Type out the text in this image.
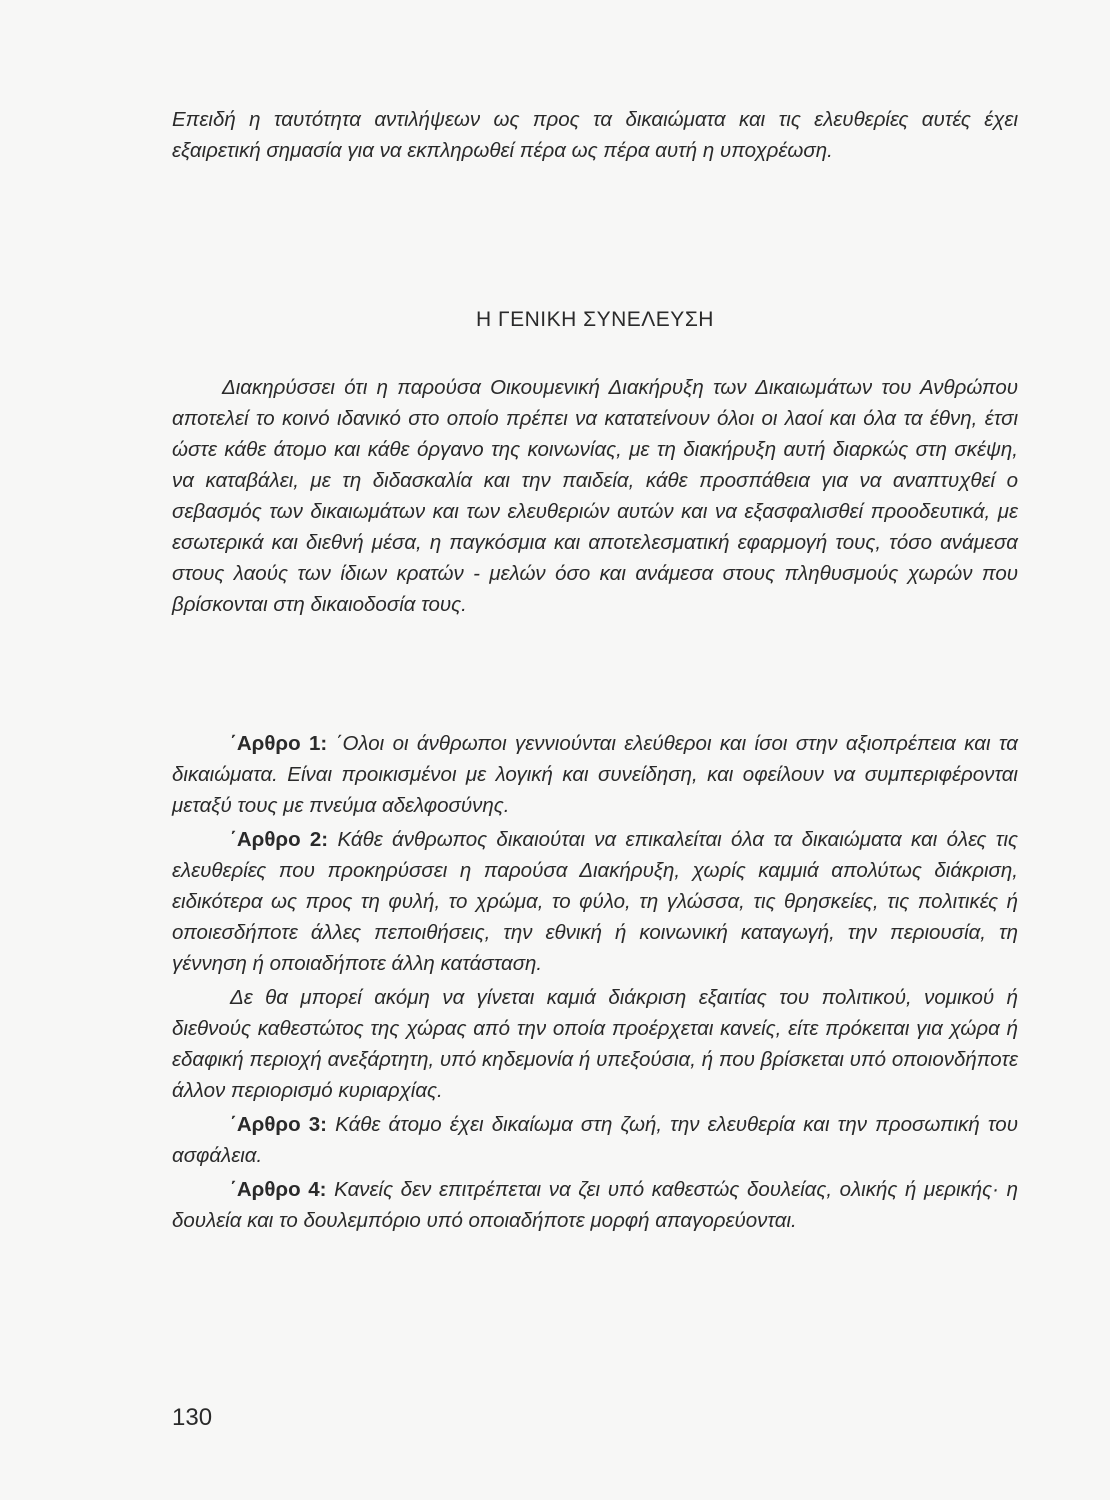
Επειδή η ταυτότητα αντιλήψεων ως προς τα δικαιώματα και τις ελευθερίες αυτές έχει εξαιρετική σημασία για να εκπληρωθεί πέρα ως πέρα αυτή η υποχρέωση.

Η ΓΕΝΙΚΗ ΣΥΝΕΛΕΥΣΗ

Διακηρύσσει ότι η παρούσα Οικουμενική Διακήρυξη των Δικαιωμάτων του Ανθρώπου αποτελεί το κοινό ιδανικό στο οποίο πρέπει να κατατείνουν όλοι οι λαοί και όλα τα έθνη, έτσι ώστε κάθε άτομο και κάθε όργανο της κοινωνίας, με τη διακήρυξη αυτή διαρκώς στη σκέψη, να καταβάλει, με τη διδασκαλία και την παιδεία, κάθε προσπάθεια για να αναπτυχθεί ο σεβασμός των δικαιωμάτων και των ελευθεριών αυτών και να εξασφαλισθεί προοδευτικά, με εσωτερικά και διεθνή μέσα, η παγκόσμια και αποτελεσματική εφαρμογή τους, τόσο ανάμεσα στους λαούς των ίδιων κρατών - μελών όσο και ανάμεσα στους πληθυσμούς χωρών που βρίσκονται στη δικαιοδοσία τους.

΄Αρθρο 1: ΄Ολοι οι άνθρωποι γεννιούνται ελεύθεροι και ίσοι στην αξιοπρέπεια και τα δικαιώματα. Είναι προικισμένοι με λογική και συνείδηση, και οφείλουν να συμπεριφέρονται μεταξύ τους με πνεύμα αδελφοσύνης.

΄Αρθρο 2: Κάθε άνθρωπος δικαιούται να επικαλείται όλα τα δικαιώματα και όλες τις ελευθερίες που προκηρύσσει η παρούσα Διακήρυξη, χωρίς καμμιά απολύτως διάκριση, ειδικότερα ως προς τη φυλή, το χρώμα, το φύλο, τη γλώσσα, τις θρησκείες, τις πολιτικές ή οποιεσδήποτε άλλες πεποιθήσεις, την εθνική ή κοινωνική καταγωγή, την περιουσία, τη γέννηση ή οποιαδήποτε άλλη κατάσταση.

Δε θα μπορεί ακόμη να γίνεται καμιά διάκριση εξαιτίας του πολιτικού, νομικού ή διεθνούς καθεστώτος της χώρας από την οποία προέρχεται κανείς, είτε πρόκειται για χώρα ή εδαφική περιοχή ανεξάρτητη, υπό κηδεμονία ή υπεξούσια, ή που βρίσκεται υπό οποιονδήποτε άλλον περιορισμό κυριαρχίας.

΄Αρθρο 3: Κάθε άτομο έχει δικαίωμα στη ζωή, την ελευθερία και την προσωπική του ασφάλεια.

΄Αρθρο 4: Κανείς δεν επιτρέπεται να ζει υπό καθεστώς δουλείας, ολικής ή μερικής· η δουλεία και το δουλεμπόριο υπό οποιαδήποτε μορφή απαγορεύονται.

130
